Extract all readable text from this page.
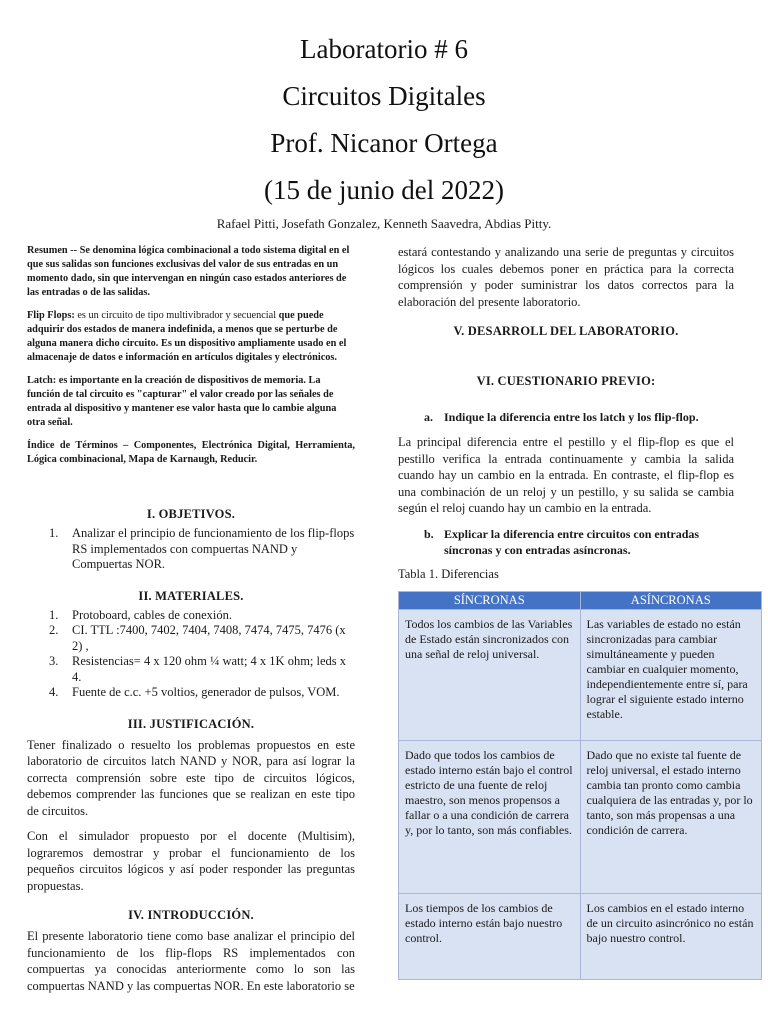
Laboratorio # 6
Circuitos Digitales
Prof. Nicanor Ortega
(15 de junio del 2022)
Rafael Pitti, Josefath Gonzalez, Kenneth Saavedra, Abdias Pitty.

Resumen -- Se denomina lógica combinacional a todo sistema digital en el que sus salidas son funciones exclusivas del valor de sus entradas en un momento dado, sin que intervengan en ningún caso estados anteriores de las entradas o de las salidas.

Flip Flops: es un circuito de tipo multivibrador y secuencial que puede adquirir dos estados de manera indefinida, a menos que se perturbe de alguna manera dicho circuito. Es un dispositivo ampliamente usado en el almacenaje de datos e información en artículos digitales y electrónicos.

Latch: es importante en la creación de dispositivos de memoria. La función de tal circuito es "capturar" el valor creado por las señales de entrada al dispositivo y mantener ese valor hasta que lo cambie alguna otra señal.

Índice de Términos – Componentes, Electrónica Digital, Herramienta, Lógica combinacional, Mapa de Karnaugh, Reducir.

I. OBJETIVOS.

1. Analizar el principio de funcionamiento de los flip-flops RS implementados con compuertas NAND y Compuertas NOR.

II. MATERIALES.

1. Protoboard, cables de conexión.
2. CI. TTL :7400, 7402, 7404, 7408, 7474, 7475, 7476 (x 2) ,
3. Resistencias= 4 x 120 ohm ¼ watt; 4 x 1K ohm; leds x 4.
4. Fuente de c.c. +5 voltios, generador de pulsos, VOM.

III. JUSTIFICACIÓN.

Tener finalizado o resuelto los problemas propuestos en este laboratorio de circuitos latch NAND y NOR, para así lograr la correcta comprensión sobre este tipo de circuitos lógicos, debemos comprender las funciones que se realizan en este tipo de circuitos.

Con el simulador propuesto por el docente (Multisim), lograremos demostrar y probar el funcionamiento de los pequeños circuitos lógicos y así poder responder las preguntas propuestas.

IV. INTRODUCCIÓN.

El presente laboratorio tiene como base analizar el principio del funcionamiento de los flip-flops RS implementados con compuertas ya conocidas anteriormente como lo son las compuertas NAND y las compuertas NOR. En este laboratorio se

estará contestando y analizando una serie de preguntas y circuitos lógicos los cuales debemos poner en práctica para la correcta comprensión y poder suministrar los datos correctos para la elaboración del presente laboratorio.

V. DESARROLL DEL LABORATORIO.

VI. CUESTIONARIO PREVIO:

a. Indique la diferencia entre los latch y los flip-flop.

La principal diferencia entre el pestillo y el flip-flop es que el pestillo verifica la entrada continuamente y cambia la salida cuando hay un cambio en la entrada. En contraste, el flip-flop es una combinación de un reloj y un pestillo, y su salida se cambia según el reloj cuando hay un cambio en la entrada.

b. Explicar la diferencia entre circuitos con entradas síncronas y con entradas asíncronas.

Tabla 1. Diferencias

SÍNCRONAS	ASÍNCRONAS
Todos los cambios de las Variables de Estado están sincronizados con una señal de reloj universal.	Las variables de estado no están sincronizadas para cambiar simultáneamente y pueden cambiar en cualquier momento, independientemente entre sí, para lograr el siguiente estado interno estable.
Dado que todos los cambios de estado interno están bajo el control estricto de una fuente de reloj maestro, son menos propensos a fallar o a una condición de carrera y, por lo tanto, son más confiables.	Dado que no existe tal fuente de reloj universal, el estado interno cambia tan pronto como cambia cualquiera de las entradas y, por lo tanto, son más propensas a una condición de carrera.
Los tiempos de los cambios de estado interno están bajo nuestro control.	Los cambios en el estado interno de un circuito asincrónico no están bajo nuestro control.
